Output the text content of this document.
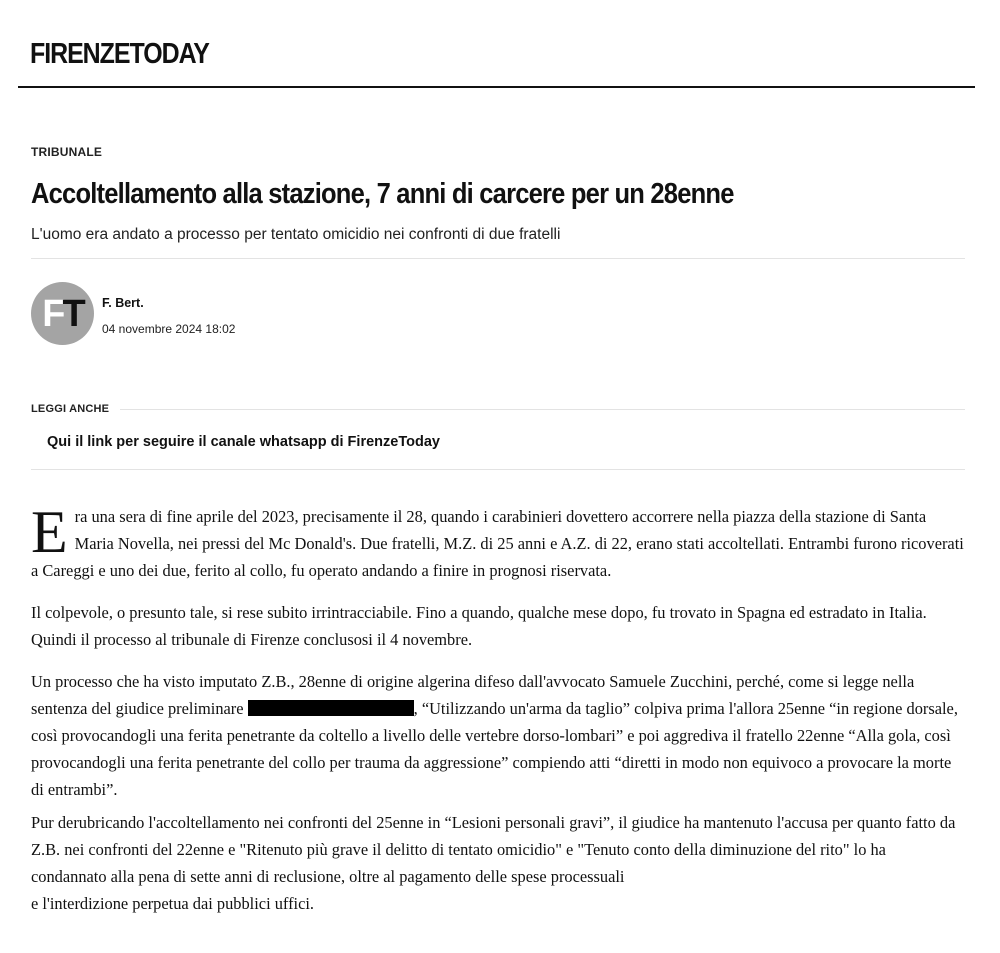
FIRENZETODAY
TRIBUNALE
Accoltellamento alla stazione, 7 anni di carcere per un 28enne
L'uomo era andato a processo per tentato omicidio nei confronti di due fratelli
F T F. Bert.
04 novembre 2024 18:02
LEGGI ANCHE
Qui il link per seguire il canale whatsapp di FirenzeToday

Era una sera di fine aprile del 2023, precisamente il 28, quando i carabinieri dovettero accorrere nella piazza della stazione di Santa Maria Novella, nei pressi del Mc Donald's. Due fratelli, M.Z. di 25 anni e A.Z. di 22, erano stati accoltellati. Entrambi furono ricoverati a Careggi e uno dei due, ferito al collo, fu operato andando a finire in prognosi riservata.

Il colpevole, o presunto tale, si rese subito irrintracciabile. Fino a quando, qualche mese dopo, fu trovato in Spagna ed estradato in Italia. Quindi il processo al tribunale di Firenze conclusosi il 4 novembre.

Un processo che ha visto imputato Z.B., 28enne di origine algerina difeso dall'avvocato Samuele Zucchini, perché, come si legge nella sentenza del giudice preliminare	, “Utilizzando un'arma da taglio” colpiva prima l'allora 25enne “in regione dorsale, così provocandogli una ferita penetrante da coltello a livello delle vertebre dorso-lombari” e poi aggrediva il fratello 22enne “Alla gola, così provocandogli una ferita penetrante del collo per trauma da aggressione” compiendo atti “diretti in modo non equivoco a provocare la morte di entrambi”.

Pur derubricando l'accoltellamento nei confronti del 25enne in “Lesioni personali gravi”, il giudice ha mantenuto l'accusa per quanto fatto da Z.B. nei confronti del 22enne e "Ritenuto più grave il delitto di tentato omicidio" e "Tenuto conto della diminuzione del rito" lo ha condannato alla pena di sette anni di reclusione, oltre al pagamento delle spese processuali
e l'interdizione perpetua dai pubblici uffici.
